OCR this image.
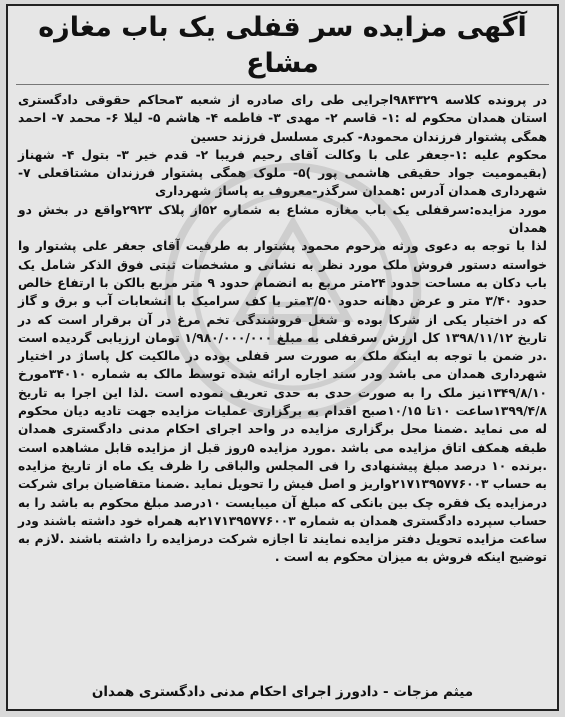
آگهی مزایده سر قفلی یک باب مغازه مشاع

در پرونده کلاسه ۹۸۴۳۲۹اجرایی طی رای صادره از شعبه ۳محاکم حقوقی دادگستری استان همدان محکوم له :۱- قاسم ۲- مهدی ۳- فاطمه ۴- هاشم ۵- لیلا ۶- محمد ۷- احمد همگی پشتوار فرزندان محمود۸- کبری مسلسل فرزند حسین

محکوم علیه :۱-جعفر علی با وکالت آقای رحیم فریبا ۲- قدم خیر ۳- بتول ۴- شهناز (بقیمومیت جواد حقیقی هاشمی پور )۵- ملوک همگی پشتوار فرزندان مشتاقعلی ۷-شهرداری همدان آدرس :همدان سرگذر-معروف به پاساژ شهرداری

مورد مزایده:سرقفلی یک باب مغازه مشاع به شماره ۵۲از پلاک ۲۹۲۳واقع در بخش دو همدان

لذا با توجه به دعوی ورثه مرحوم محمود پشتوار به طرفیت آقای جعفر علی پشتوار وا خواسته دستور فروش ملک مورد نظر به نشانی و مشخصات ثبتی فوق الذکر شامل یک باب دکان به مساحت حدود ۲۴متر مربع به انضمام حدود ۹ متر مربع بالکن با ارتفاع خالص حدود ۳/۴۰ متر و عرض دهانه حدود ۳/۵۰متر با کف سرامیک با انشعابات آب و برق و گاز که در اختیار یکی از شرکا بوده و شغل فروشندگی تخم مرغ در آن برقرار است که در تاریخ ۱۳۹۸/۱۱/۱۲ کل ارزش سرقفلی به مبلغ ۱/۹۸۰/۰۰۰/۰۰۰ تومان ارزیابی گردیده است .در ضمن با توجه به اینکه ملک به صورت سر قفلی بوده در مالکیت کل پاساژ در اختیار شهرداری همدان می باشد ودر سند اجاره ارائه شده توسط مالک به شماره ۳۴۰۱۰مورخ ۱۳۴۹/۸/۱۰نیز ملک را به صورت حدی به حدی تعریف نموده است .لذا این اجرا به تاریخ ۱۳۹۹/۴/۸ساعت ۱۰تا ۱۰/۱۵صبح اقدام به برگزاری عملیات مزایده جهت تادیه دیان محکوم له می نماید .ضمنا محل برگزاری مزایده در واحد اجرای احکام مدنی دادگستری همدان طبقه همکف اتاق مزایده می باشد .مورد مزایده ۵روز قبل از مزایده قابل مشاهده است .برنده ۱۰ درصد مبلغ پیشنهادی را فی المجلس والباقی را ظرف یک ماه از تاریخ مزایده به حساب ۲۱۷۱۳۹۵۷۷۶۰۰۳واریز و اصل فیش را تحویل نماید .ضمنا متقاضیان برای شرکت درمزایده یک فقره چک بین بانکی که مبلغ آن میبایست ۱۰درصد مبلغ محکوم به باشد را به حساب سپرده دادگستری همدان به شماره ۲۱۷۱۳۹۵۷۷۶۰۰۳به همراه خود داشته باشند ودر ساعت مزایده تحویل دفتر مزایده نمایند تا اجازه شرکت درمزایده را داشته باشند .لازم به توضیح اینکه فروش به میزان محکوم به است .

میثم مزجات - دادورز اجرای احکام مدنی دادگستری همدان
